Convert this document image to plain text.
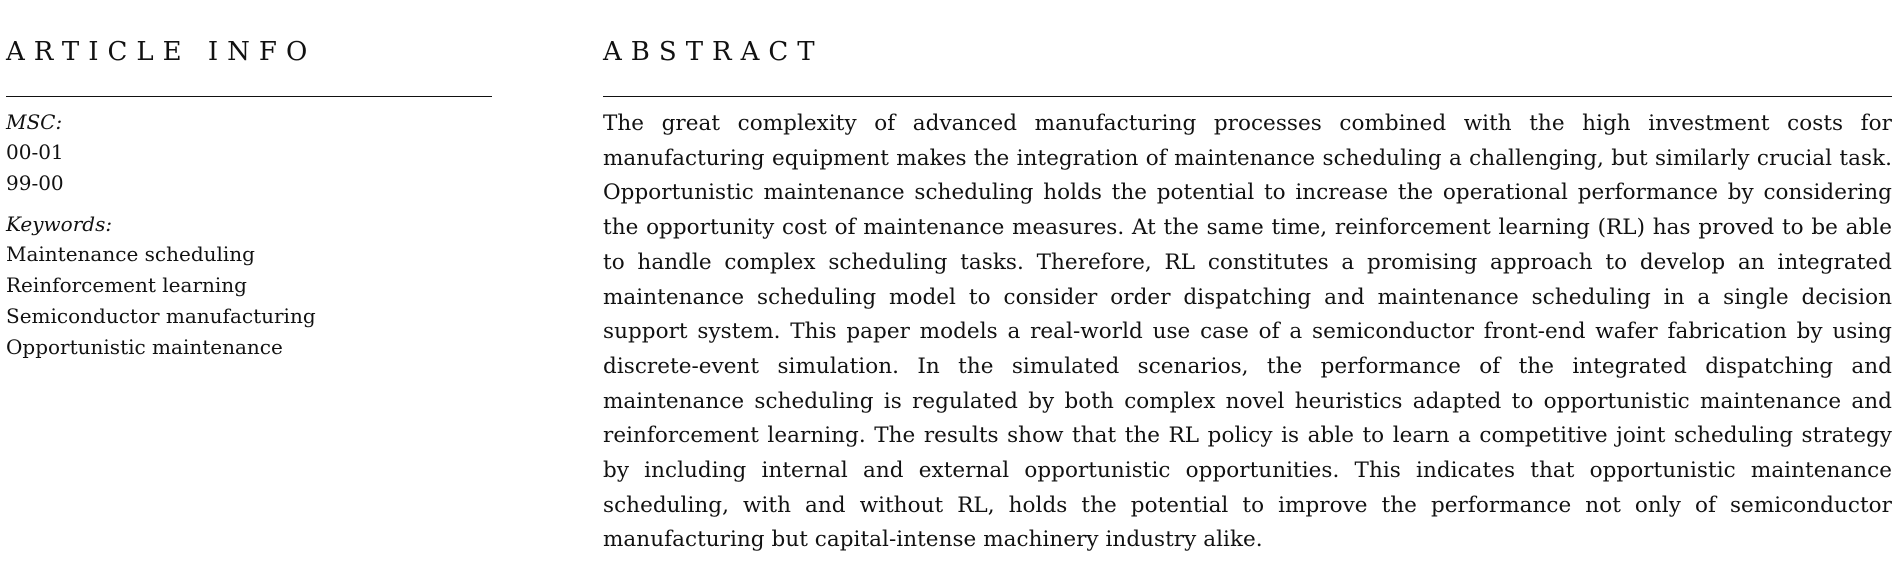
ARTICLE INFO
MSC:
00-01
99-00
Keywords:
Maintenance scheduling
Reinforcement learning
Semiconductor manufacturing
Opportunistic maintenance
ABSTRACT

The great complexity of advanced manufacturing processes combined with the high investment costs for manufacturing equipment makes the integration of maintenance scheduling a challenging, but similarly crucial task. Opportunistic maintenance scheduling holds the potential to increase the operational performance by considering the opportunity cost of maintenance measures. At the same time, reinforcement learning (RL) has proved to be able to handle complex scheduling tasks. Therefore, RL constitutes a promising approach to develop an integrated maintenance scheduling model to consider order dispatching and maintenance scheduling in a single decision support system. This paper models a real-world use case of a semiconductor front-end wafer fabrication by using discrete-event simulation. In the simulated scenarios, the performance of the integrated dispatching and maintenance scheduling is regulated by both complex novel heuristics adapted to opportunistic maintenance and reinforcement learning. The results show that the RL policy is able to learn a competitive joint scheduling strategy by including internal and external opportunistic opportunities. This indicates that opportunistic maintenance scheduling, with and without RL, holds the potential to improve the performance not only of semiconductor manufacturing but capital-intense machinery industry alike.
